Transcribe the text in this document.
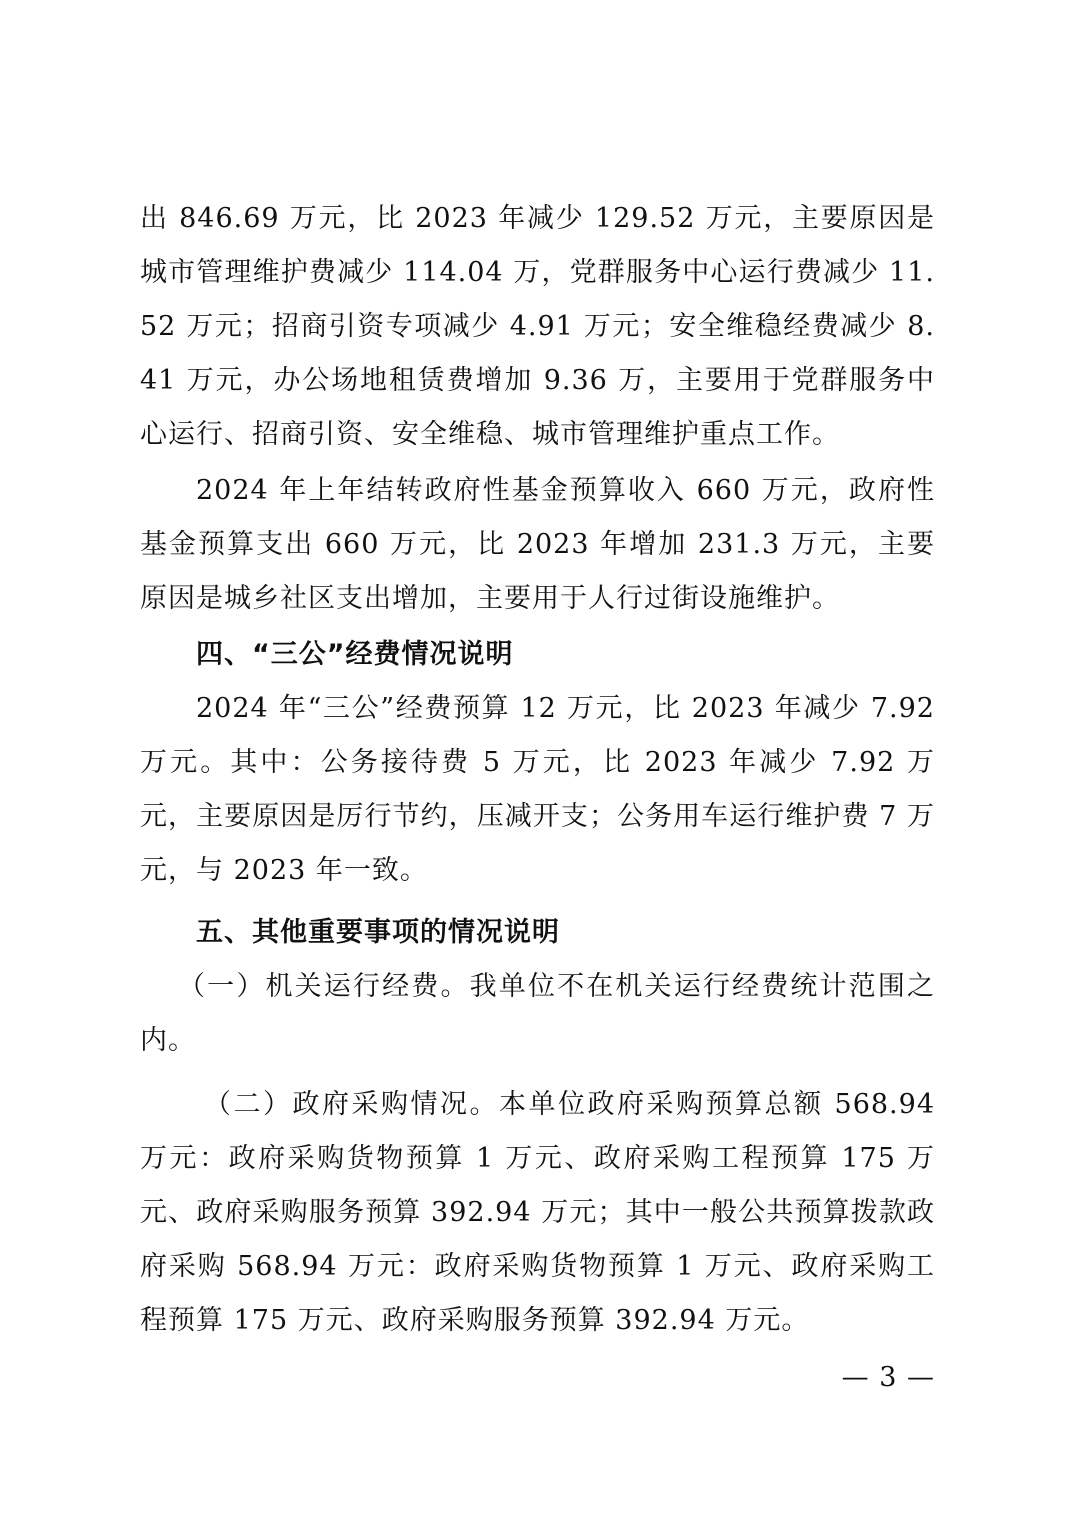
出 846.69 万元，比 2023 年减少 129.52 万元，主要原因是城市管理维护费减少 114.04 万，党群服务中心运行费减少 11.52 万元；招商引资专项减少 4.91 万元；安全维稳经费减少 8.41 万元，办公场地租赁费增加 9.36 万，主要用于党群服务中心运行、招商引资、安全维稳、城市管理维护重点工作。

2024 年上年结转政府性基金预算收入 660 万元，政府性基金预算支出 660 万元，比 2023 年增加 231.3 万元，主要原因是城乡社区支出增加，主要用于人行过街设施维护。

四、“三公”经费情况说明

2024 年“三公”经费预算 12 万元，比 2023 年减少 7.92 万元。其中：公务接待费 5 万元，比 2023 年减少 7.92 万元，主要原因是厉行节约，压减开支；公务用车运行维护费 7 万元，与 2023 年一致。

五、其他重要事项的情况说明

（一）机关运行经费。我单位不在机关运行经费统计范围之内。

（二）政府采购情况。本单位政府采购预算总额 568.94 万元：政府采购货物预算 1 万元、政府采购工程预算 175 万元、政府采购服务预算 392.94 万元；其中一般公共预算拨款政府采购 568.94 万元：政府采购货物预算 1 万元、政府采购工程预算 175 万元、政府采购服务预算 392.94 万元。

— 3 —
